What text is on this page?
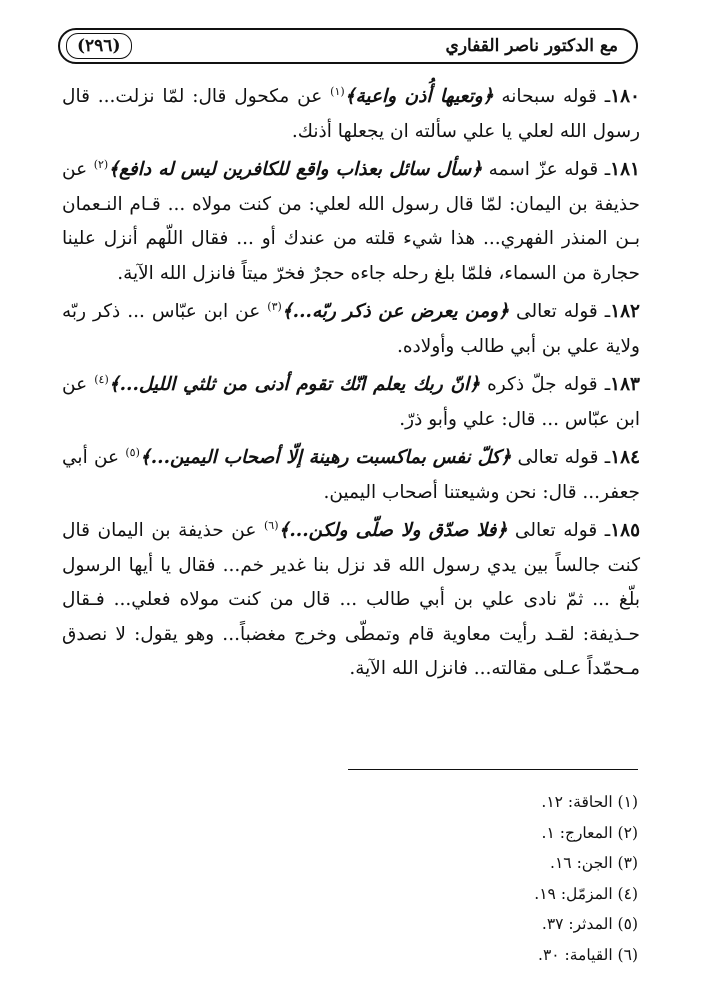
مع الدكتور ناصر القفاري
(٢٩٦)

١٨٠ـ قوله سبحانه ﴿وتعيها أُذن واعية﴾$^{(١)}$ عن مكحول قال: لمّا نزلت... قال رسول الله لعلي يا علي سألته ان يجعلها أذنك.

١٨١ـ قوله عزّ اسمه ﴿سأل سائل بعذاب واقع للكافرين ليس له دافع﴾$^{(٢)}$ عن حذيفة بن اليمان: لمّا قال رسول الله لعلي: من كنت مولاه ... قـام النـعمان بـن المنذر الفهري... هذا شيء قلته من عندك أو ... فقال اللّهم أنزل علينا حجارة من السماء، فلمّا بلغ رحله جاءه حجرٌ فخرّ ميتاً فانزل الله الآية.

١٨٢ـ قوله تعالى ﴿ومن يعرض عن ذكر ربّه...﴾$^{(٣)}$ عن ابن عبّاس ... ذكر ربّه ولاية علي بن أبي طالب وأولاده.

١٨٣ـ قوله جلّ ذكره ﴿انّ ربك يعلم انّك تقوم أدنى من ثلثي الليل...﴾$^{(٤)}$ عن ابن عبّاس ... قال: علي وأبو ذرّ.

١٨٤ـ قوله تعالى ﴿كلّ نفس بماكسبت رهينة إلّا أصحاب اليمين...﴾$^{(٥)}$ عن أبي جعفر... قال: نحن وشيعتنا أصحاب اليمين.

١٨٥ـ قوله تعالى ﴿فلا صدّق ولا صلّى ولكن...﴾$^{(٦)}$ عن حذيفة بن اليمان قال كنت جالساً بين يدي رسول الله قد نزل بنا غدير خم... فقال يا أيها الرسول بلّغ ... ثمّ نادى علي بن أبي طالب ... قال من كنت مولاه فعلي... فـقال حـذيفة: لقـد رأيت معاوية قام وتمطّى وخرج مغضباً... وهو يقول: لا نصدق مـحمّداً عـلى مقالته... فانزل الله الآية.

(١) الحاقة: ١٢.

(٢) المعارج: ١.

(٣) الجن: ١٦.

(٤) المزمّل: ١٩.

(٥) المدثر: ٣٧.

(٦) القيامة: ٣٠.
